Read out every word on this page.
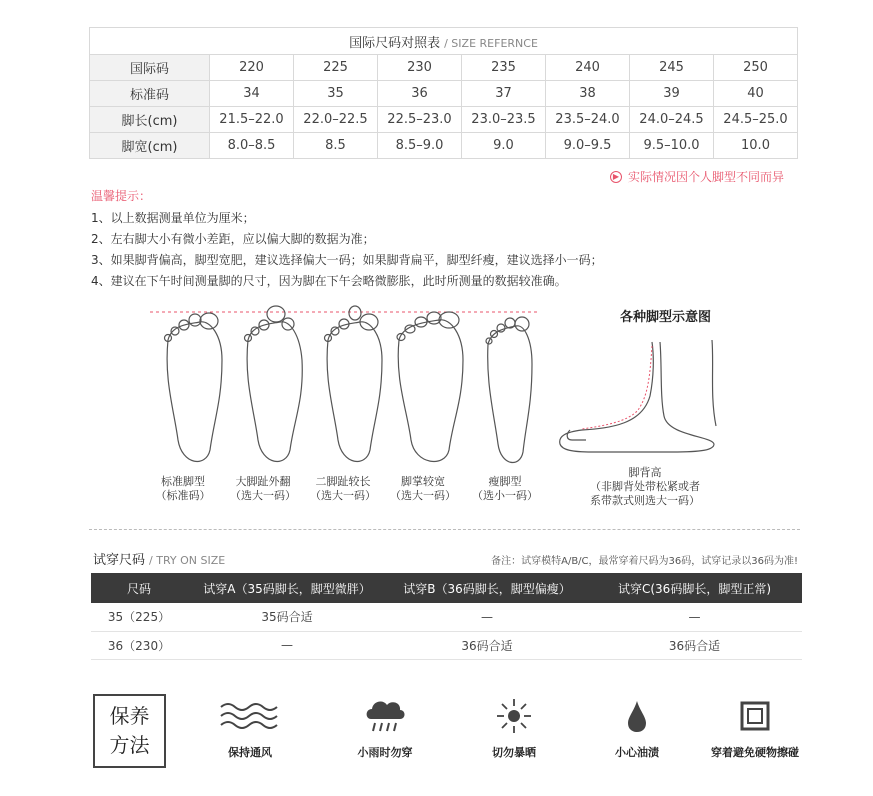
国际尺码对照表 / SIZE REFERNCE							
国际码	220	225	230	235	240	245	250
标准码	34	35	36	37	38	39	40
脚长(cm)	21.5–22.0	22.0–22.5	22.5–23.0	23.0–23.5	23.5–24.0	24.0–24.5	24.5–25.0
脚宽(cm)	8.0–8.5	8.5	8.5–9.0	9.0	9.0–9.5	9.5–10.0	10.0
▶ 实际情况因个人脚型不同而异
温馨提示：
1、以上数据测量单位为厘米；
2、左右脚大小有微小差距，应以偏大脚的数据为准；
3、如果脚背偏高，脚型宽肥，建议选择偏大一码；如果脚背扁平，脚型纤瘦，建议选择小一码；
4、建议在下午时间测量脚的尺寸，因为脚在下午会略微膨胀，此时所测量的数据较准确。
标准脚型
（标准码）
大脚趾外翻
（选大一码）
二脚趾较长
（选大一码）
脚掌较宽
（选大一码）
瘦脚型
（选小一码）
各种脚型示意图
脚背高
（非脚背处带松紧或者
系带款式则选大一码）
试穿尺码 / TRY ON SIZE	备注：试穿模特A/B/C，最常穿着尺码为36码，试穿记录以36码为准!
尺码	试穿A（35码脚长，脚型微胖）	试穿B（36码脚长，脚型偏瘦）	试穿C(36码脚长，脚型正常)
35（225）	35码合适	—	—
36（230）	—	36码合适	36码合适
保养
方法	保持通风	小雨时勿穿	切勿暴晒	小心油渍	穿着避免硬物擦碰
